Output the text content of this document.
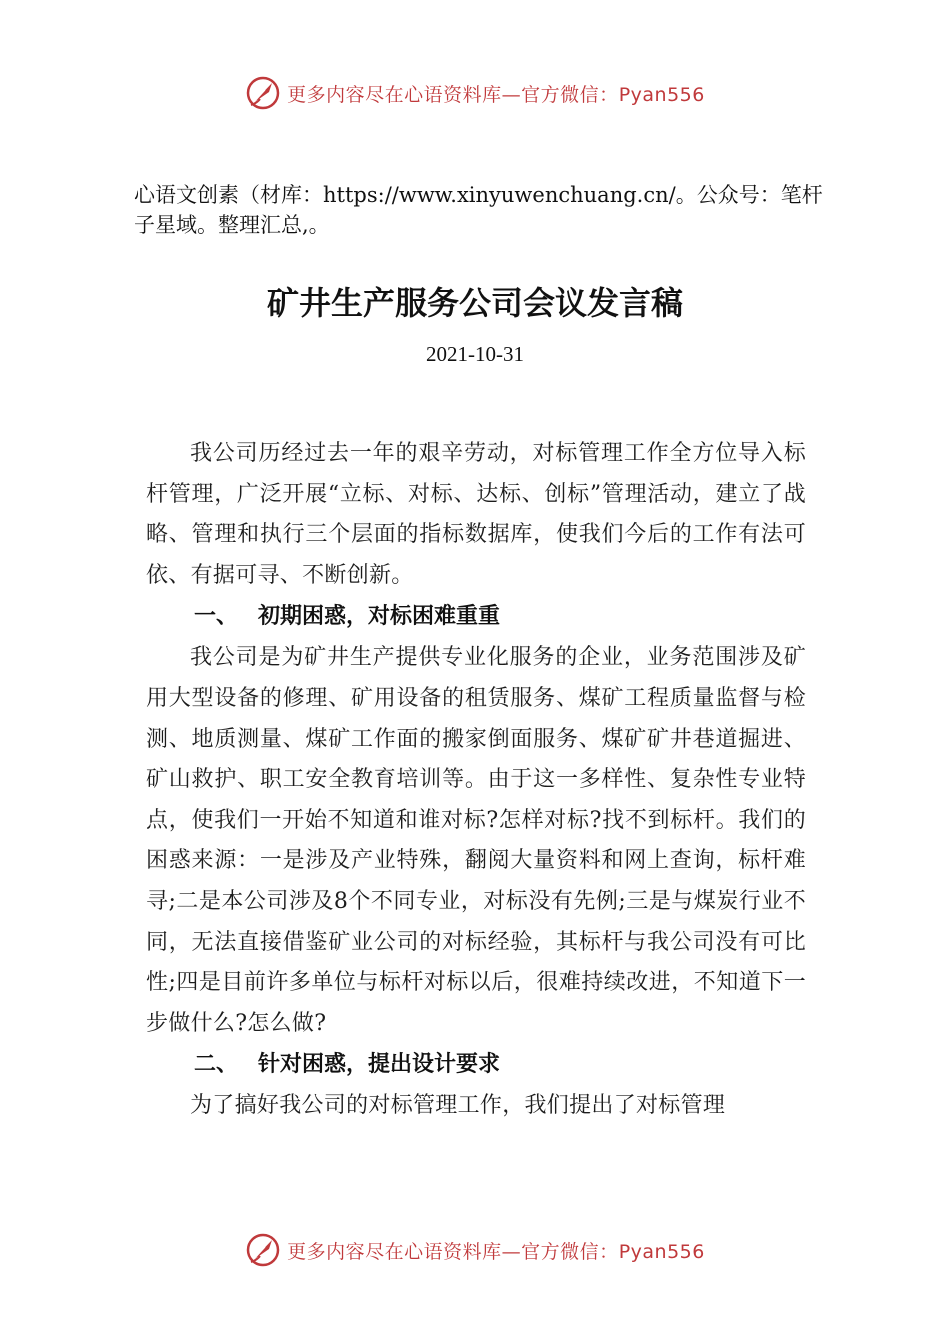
更多内容尽在心语资料库—官方微信：Pyan556
心语文创素（材库：https://www.xinyuwenchuang.cn/。公众号：笔杆子星域。整理汇总,。
矿井生产服务公司会议发言稿
2021-10-31

我公司历经过去一年的艰辛劳动，对标管理工作全方位导入标杆管理，广泛开展“立标、对标、达标、创标”管理活动，建立了战略、管理和执行三个层面的指标数据库，使我们今后的工作有法可依、有据可寻、不断创新。

一、 初期困惑，对标困难重重

我公司是为矿井生产提供专业化服务的企业，业务范围涉及矿用大型设备的修理、矿用设备的租赁服务、煤矿工程质量监督与检测、地质测量、煤矿工作面的搬家倒面服务、煤矿矿井巷道掘进、矿山救护、职工安全教育培训等。由于这一多样性、复杂性专业特点，使我们一开始不知道和谁对标?怎样对标?找不到标杆。我们的困惑来源：一是涉及产业特殊，翻阅大量资料和网上查询，标杆难寻;二是本公司涉及8个不同专业，对标没有先例;三是与煤炭行业不同，无法直接借鉴矿业公司的对标经验，其标杆与我公司没有可比性;四是目前许多单位与标杆对标以后，很难持续改进，不知道下一步做什么?怎么做?

二、 针对困惑，提出设计要求

为了搞好我公司的对标管理工作，我们提出了对标管理

更多内容尽在心语资料库—官方微信：Pyan556
